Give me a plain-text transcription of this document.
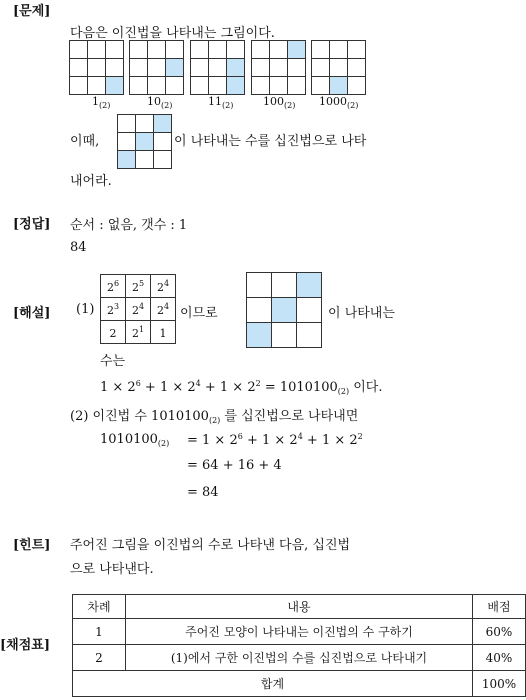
[문제]
[정답]
[해설]
[힌트]
[채점표]
다음은 이진법을 나타내는 그림이다.

$1_{(2)}$	$10_{(2)}$	$11_{(2)}$	$100_{(2)}$ $1000_{(2)}$
이때,

			이 나타내는 수를 십진법으로 나타
내어라.
순서 : 없음, 갯수 : 1
84
(1)
$2^6$	$2^5$	$2^4$
$2^3$	$2^4$	$2^4$
2	$2^1$	1
이므로

			이 나타내는
수는
$1 \times 2^6 + 1 \times 2^4 + 1 \times 2^2 = 1010100_{(2)}$ 이다.
(2) 이진법 수 $1010100_{(2)}$ 를 십진법으로 나타내면
$1010100_{(2)} = 1 \times 2^6 + 1 \times 2^4 + 1 \times 2^2$
= 64 + 16 + 4
= 84
주어진 그림을 이진법의 수로 나타낸 다음, 십진법
으로 나타낸다.
차례	내용	배점
1	주어진 모양이 나타내는 이진법의 수 구하기	60%
2	(1)에서 구한 이진법의 수를 십진법으로 나타내기	40%
합계		100%
